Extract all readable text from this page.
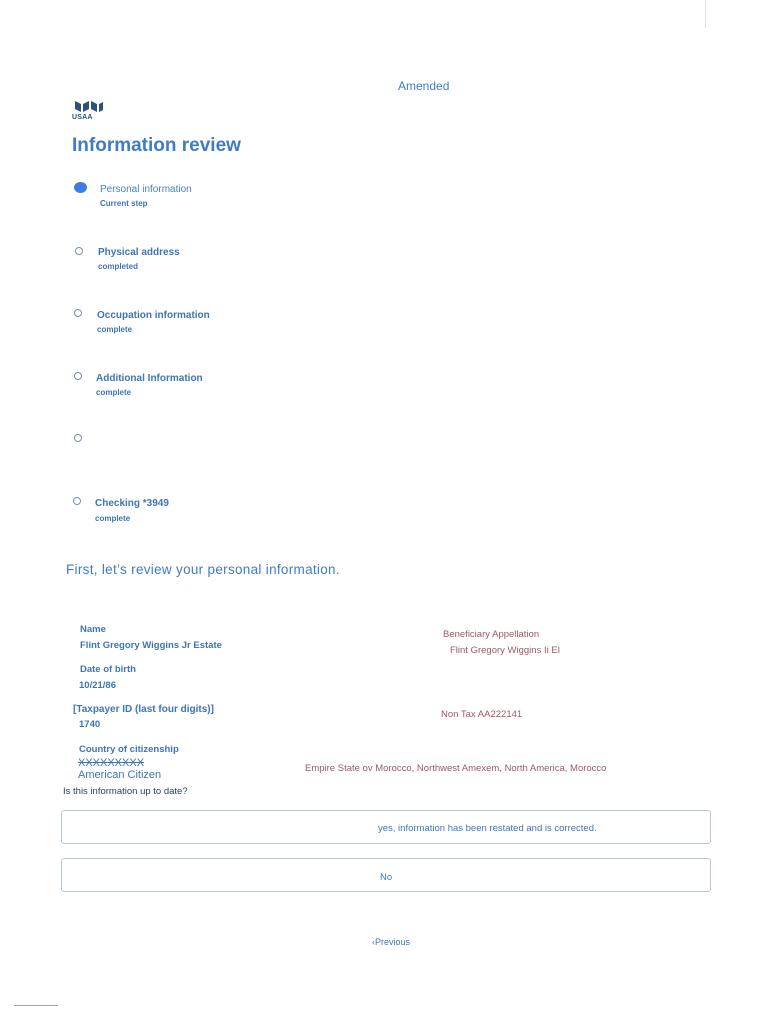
Amended
USAA
Information review
Personal information
Current step
Physical address
completed
Occupation information
complete
Additional Information
complete
Checking *3949
complete
First, let’s review your personal information.
Name
Flint Gregory Wiggins Jr Estate
Beneficiary Appellation
Flint Gregory Wiggins Ii El
Date of birth
10/21/86
[Taxpayer ID (last four digits)]
1740
Non Tax AA222141
Country of citizenship
XXXXXXXXX
American Citizen
Empire State ov Morocco, Northwest Amexem, North America, Morocco
Is this information up to date?
yes, information has been restated and is corrected.
No
‹Previous
